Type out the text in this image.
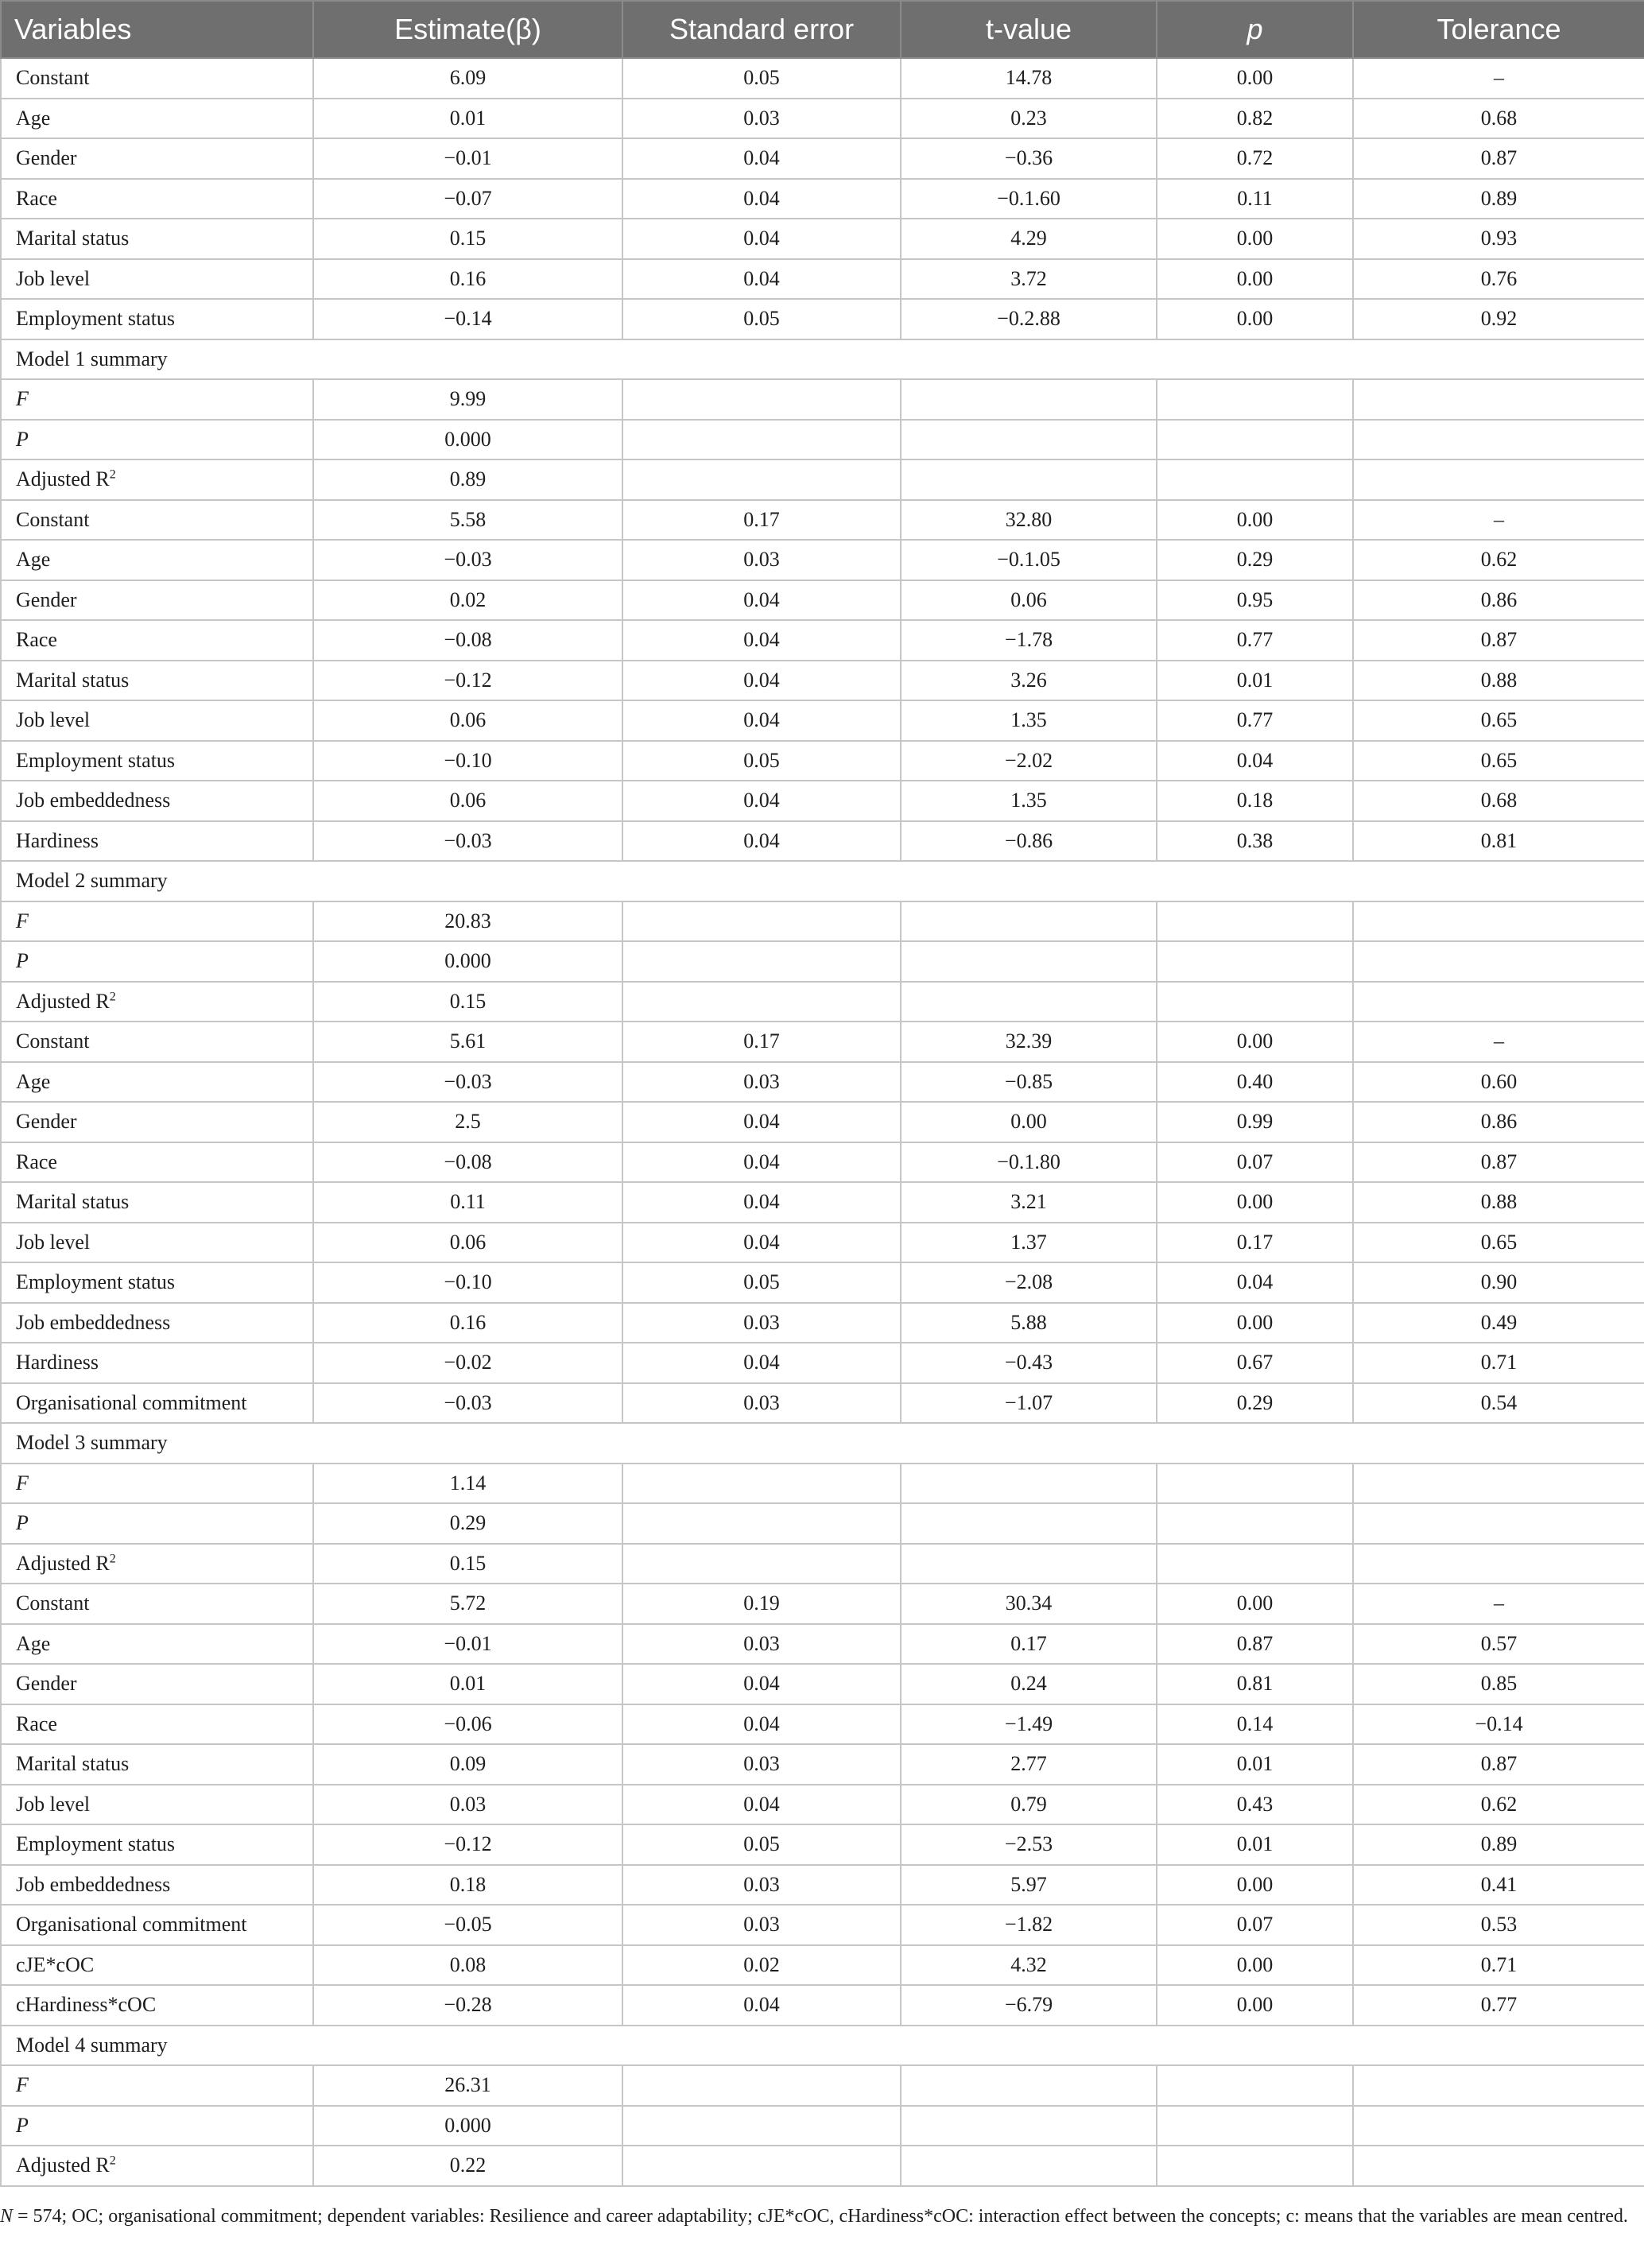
Variables	Estimate(β)	Standard error	t-value	p	Tolerance
Constant	6.09	0.05	14.78	0.00	–
Age	0.01	0.03	0.23	0.82	0.68
Gender	−0.01	0.04	−0.36	0.72	0.87
Race	−0.07	0.04	−0.1.60	0.11	0.89
Marital status	0.15	0.04	4.29	0.00	0.93
Job level	0.16	0.04	3.72	0.00	0.76
Employment status	−0.14	0.05	−0.2.88	0.00	0.92
Model 1 summary					
F	9.99				
P	0.000				
Adjusted $R^2$	0.89				
Constant	5.58	0.17	32.80	0.00	–
Age	−0.03	0.03	−0.1.05	0.29	0.62
Gender	0.02	0.04	0.06	0.95	0.86
Race	−0.08	0.04	−1.78	0.77	0.87
Marital status	−0.12	0.04	3.26	0.01	0.88
Job level	0.06	0.04	1.35	0.77	0.65
Employment status	−0.10	0.05	−2.02	0.04	0.65
Job embeddedness	0.06	0.04	1.35	0.18	0.68
Hardiness	−0.03	0.04	−0.86	0.38	0.81
Model 2 summary					
F	20.83				
P	0.000				
Adjusted $R^2$	0.15				
Constant	5.61	0.17	32.39	0.00	–
Age	−0.03	0.03	−0.85	0.40	0.60
Gender	2.5	0.04	0.00	0.99	0.86
Race	−0.08	0.04	−0.1.80	0.07	0.87
Marital status	0.11	0.04	3.21	0.00	0.88
Job level	0.06	0.04	1.37	0.17	0.65
Employment status	−0.10	0.05	−2.08	0.04	0.90
Job embeddedness	0.16	0.03	5.88	0.00	0.49
Hardiness	−0.02	0.04	−0.43	0.67	0.71
Organisational commitment	−0.03	0.03	−1.07	0.29	0.54
Model 3 summary					
F	1.14				
P	0.29				
Adjusted $R^2$	0.15				
Constant	5.72	0.19	30.34	0.00	–
Age	−0.01	0.03	0.17	0.87	0.57
Gender	0.01	0.04	0.24	0.81	0.85
Race	−0.06	0.04	−1.49	0.14	−0.14
Marital status	0.09	0.03	2.77	0.01	0.87
Job level	0.03	0.04	0.79	0.43	0.62
Employment status	−0.12	0.05	−2.53	0.01	0.89
Job embeddedness	0.18	0.03	5.97	0.00	0.41
Organisational commitment	−0.05	0.03	−1.82	0.07	0.53
cJE*cOC	0.08	0.02	4.32	0.00	0.71
cHardiness*cOC	−0.28	0.04	−6.79	0.00	0.77
Model 4 summary					
F	26.31				
P	0.000				
Adjusted $R^2$	0.22				
N = 574; OC; organisational commitment; dependent variables: Resilience and career adaptability; cJE*cOC, cHardiness*cOC: interaction effect between the concepts; c: means that the variables are mean centred.
